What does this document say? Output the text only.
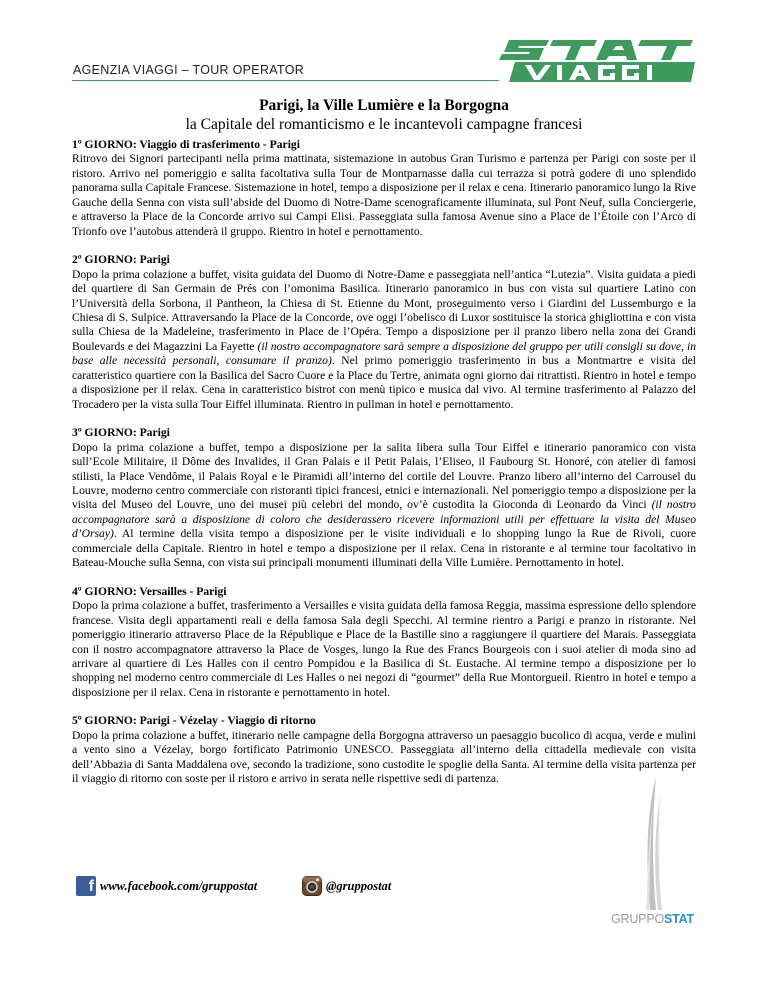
AGENZIA VIAGGI – TOUR OPERATOR
Parigi, la Ville Lumière e la Borgogna
la Capitale del romanticismo e le incantevoli campagne francesi
1º GIORNO: Viaggio di trasferimento - Parigi
Ritrovo dei Signori partecipanti nella prima mattinata, sistemazione in autobus Gran Turismo e partenza per Parigi con soste per il ristoro. Arrivo nel pomeriggio e salita facoltativa sulla Tour de Montparnasse dalla cui terrazza si potrà godere di uno splendido panorama sulla Capitale Francese. Sistemazione in hotel, tempo a disposizione per il relax e cena. Itinerario panoramico lungo la Rive Gauche della Senna con vista sull’abside del Duomo di Notre-Dame scenograficamente illuminata, sul Pont Neuf, sulla Conciergerie, e attraverso la Place de la Concorde arrivo sui Campi Elisi. Passeggiata sulla famosa Avenue sino a Place de l’Étoile con l’Arco di Trionfo ove l’autobus attenderà il gruppo. Rientro in hotel e pernottamento.
2º GIORNO: Parigi
Dopo la prima colazione a buffet, visita guidata del Duomo di Notre-Dame e passeggiata nell’antica “Lutezia”. Visita guidata a piedi del quartiere di San Germain de Prés con l’omonima Basilica. Itinerario panoramico in bus con vista sul quartiere Latino con l’Università della Sorbona, il Pantheon, la Chiesa di St. Etienne du Mont, proseguimento verso i Giardini del Lussemburgo e la Chiesa di S. Sulpice. Attraversando la Place de la Concorde, ove oggi l’obelisco di Luxor sostituisce la storica ghigliottina e con vista sulla Chiesa de la Madeleine, trasferimento in Place de l’Opéra. Tempo a disposizione per il pranzo libero nella zona dei Grandi Boulevards e dei Magazzini La Fayette (il nostro accompagnatore sarà sempre a disposizione del gruppo per utili consigli su dove, in base alle necessità personali, consumare il pranzo). Nel primo pomeriggio trasferimento in bus a Montmartre e visita del caratteristico quartiere con la Basilica del Sacro Cuore e la Place du Tertre, animata ogni giorno dai ritrattisti. Rientro in hotel e tempo a disposizione per il relax. Cena in caratteristico bistrot con menù tipico e musica dal vivo. Al termine trasferimento al Palazzo del Trocadero per la vista sulla Tour Eiffel illuminata. Rientro in pullman in hotel e pernottamento.
3º GIORNO: Parigi
Dopo la prima colazione a buffet, tempo a disposizione per la salita libera sulla Tour Eiffel e itinerario panoramico con vista sull’Ecole Militaire, il Dôme des Invalides, il Gran Palais e il Petit Palais, l’Eliseo, il Faubourg St. Honoré, con atelier di famosi stilisti, la Place Vendôme, il Palais Royal e le Piramidi all’interno del cortile del Louvre. Pranzo libero all’interno del Carrousel du Louvre, moderno centro commerciale con ristoranti tipici francesi, etnici e internazionali. Nel pomeriggio tempo a disposizione per la visita del Museo del Louvre, uno dei musei più celebri del mondo, ov’è custodita la Gioconda di Leonardo da Vinci (il nostro accompagnatore sarà a disposizione di coloro che desiderassero ricevere informazioni utili per effettuare la visita del Museo d’Orsay). Al termine della visita tempo a disposizione per le visite individuali e lo shopping lungo la Rue de Rivoli, cuore commerciale della Capitale. Rientro in hotel e tempo a disposizione per il relax. Cena in ristorante e al termine tour facoltativo in Bateau-Mouche sulla Senna, con vista sui principali monumenti illuminati della Ville Lumière. Pernottamento in hotel.
4º GIORNO: Versailles - Parigi
Dopo la prima colazione a buffet, trasferimento a Versailles e visita guidata della famosa Reggia, massima espressione dello splendore francese. Visita degli appartamenti reali e della famosa Sala degli Specchi. Al termine rientro a Parigi e pranzo in ristorante. Nel pomeriggio itinerario attraverso Place de la République e Place de la Bastille sino a raggiungere il quartiere del Marais. Passeggiata con il nostro accompagnatore attraverso la Place de Vosges, lungo la Rue des Francs Bourgeois con i suoi atelier di moda sino ad arrivare al quartiere di Les Halles con il centro Pompidou e la Basilica di St. Eustache. Al termine tempo a disposizione per lo shopping nel moderno centro commerciale di Les Halles o nei negozi di “gourmet” della Rue Montorgueil. Rientro in hotel e tempo a disposizione per il relax. Cena in ristorante e pernottamento in hotel.
5º GIORNO: Parigi - Vézelay - Viaggio di ritorno
Dopo la prima colazione a buffet, itinerario nelle campagne della Borgogna attraverso un paesaggio bucolico di acqua, verde e mulini a vento sino a Vézelay, borgo fortificato Patrimonio UNESCO. Passeggiata all’interno della cittadella medievale con visita dell’Abbazia di Santa Maddalena ove, secondo la tradizione, sono custodite le spoglie della Santa. Al termine della visita partenza per il viaggio di ritorno con soste per il ristoro e arrivo in serata nelle rispettive sedi di partenza.
f www.facebook.com/gruppostat	@gruppostat
GRUPPOSTAT
